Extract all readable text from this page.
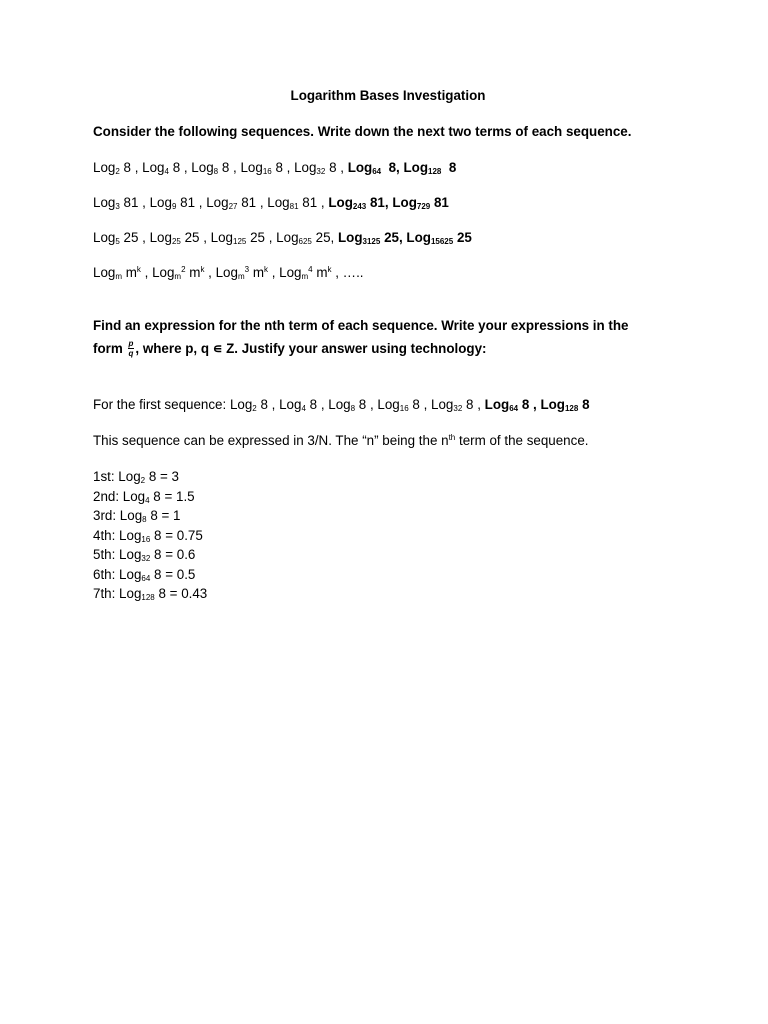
Logarithm Bases Investigation
Consider the following sequences. Write down the next two terms of each sequence.
Log$_2$ 8 , Log$_4$ 8 , Log$_8$ 8 , Log$_{16}$ 8 , Log$_{32}$ 8 , Log$_{64}$ 8, Log$_{128}$ 8
Log$_3$ 81 , Log$_9$ 81 , Log$_{27}$ 81 , Log$_{81}$ 81 , Log$_{243}$ 81, Log$_{729}$ 81
Log$_5$ 25 , Log$_{25}$ 25 , Log$_{125}$ 25 , Log$_{625}$ 25, Log$_{3125}$ 25, Log$_{15625}$ 25
Log$_m$ $m^k$ , Log$_m^2$ $m^k$ , Log$_m^3$ $m^k$ , Log$_m^4$ $m^k$ , …..
Find an expression for the nth term of each sequence. Write your expressions in the
form $\frac{p}{q}$ , where p, q ∊ Z. Justify your answer using technology:
For the first sequence: Log$_2$ 8 , Log$_4$ 8 , Log$_8$ 8 , Log$_{16}$ 8 , Log$_{32}$ 8 , Log$_{64}$ 8 , Log$_{128}$ 8
This sequence can be expressed in 3/N. The “n” being the $n^{th}$ term of the sequence.
1st: Log$_2$ 8 = 3
2nd: Log$_4$ 8 = 1.5
3rd: Log$_8$ 8 = 1
4th: Log$_{16}$ 8 = 0.75
5th: Log$_{32}$ 8 = 0.6
6th: Log$_{64}$ 8 = 0.5
7th: Log$_{128}$ 8 = 0.43
